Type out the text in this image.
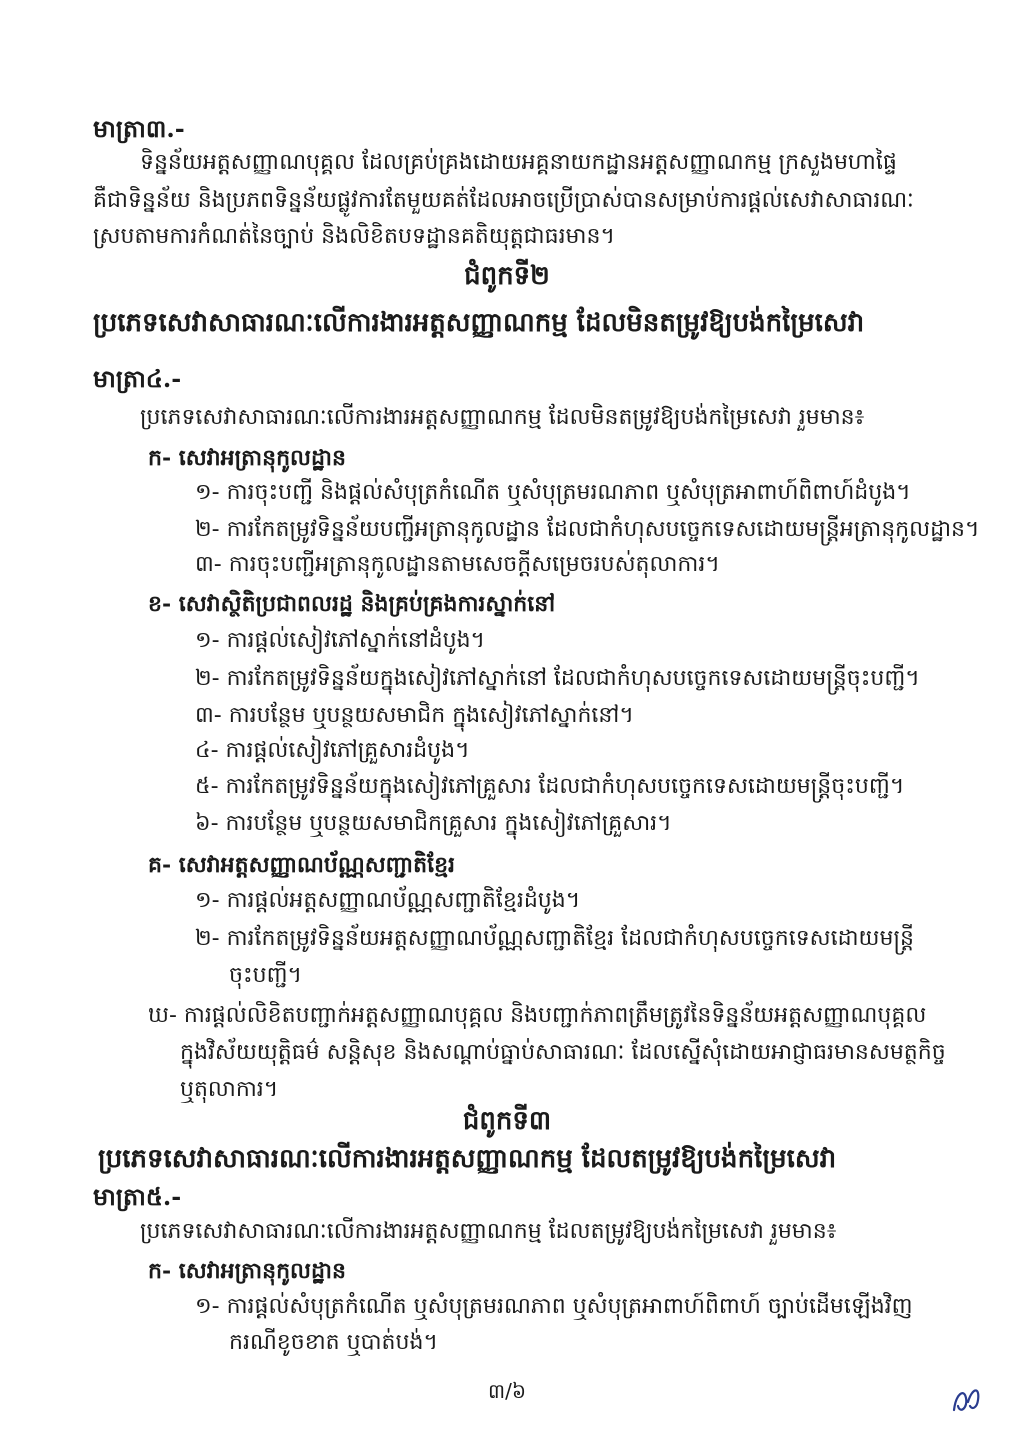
មាត្រា៣.-
ទិន្នន័យអត្តសញ្ញាណបុគ្គល ដែលគ្រប់គ្រងដោយអគ្គនាយកដ្ឋានអត្តសញ្ញាណកម្ម ក្រសួងមហាផ្ទៃ
គឺជាទិន្នន័យ និងប្រភពទិន្នន័យផ្លូវការតែមួយគត់ដែលអាចប្រើប្រាស់បានសម្រាប់ការផ្តល់សេវាសាធារណៈ
ស្របតាមការកំណត់នៃច្បាប់ និងលិខិតបទដ្ឋានគតិយុត្តជាធរមាន។
ជំពូកទី២
ប្រភេទសេវាសាធារណៈលើការងារអត្តសញ្ញាណកម្ម ដែលមិនតម្រូវឱ្យបង់កម្រៃសេវា
មាត្រា៤.-
ប្រភេទសេវាសាធារណៈលើការងារអត្តសញ្ញាណកម្ម ដែលមិនតម្រូវឱ្យបង់កម្រៃសេវា រួមមាន៖
ក- សេវាអត្រានុកូលដ្ឋាន
១- ការចុះបញ្ជី និងផ្តល់សំបុត្រកំណើត ឬសំបុត្រមរណភាព ឬសំបុត្រអាពាហ៍ពិពាហ៍ដំបូង។
២- ការកែតម្រូវទិន្នន័យបញ្ជីអត្រានុកូលដ្ឋាន ដែលជាកំហុសបច្ចេកទេសដោយមន្ត្រីអត្រានុកូលដ្ឋាន។
៣- ការចុះបញ្ជីអត្រានុកូលដ្ឋានតាមសេចក្តីសម្រេចរបស់តុលាការ។
ខ- សេវាស្ថិតិប្រជាពលរដ្ឋ និងគ្រប់គ្រងការស្នាក់នៅ
១- ការផ្តល់សៀវភៅស្នាក់នៅដំបូង។
២- ការកែតម្រូវទិន្នន័យក្នុងសៀវភៅស្នាក់នៅ ដែលជាកំហុសបច្ចេកទេសដោយមន្ត្រីចុះបញ្ជី។
៣- ការបន្ថែម ឬបន្ថយសមាជិក ក្នុងសៀវភៅស្នាក់នៅ។
៤- ការផ្តល់សៀវភៅគ្រួសារដំបូង។
៥- ការកែតម្រូវទិន្នន័យក្នុងសៀវភៅគ្រួសារ ដែលជាកំហុសបច្ចេកទេសដោយមន្ត្រីចុះបញ្ជី។
៦- ការបន្ថែម ឬបន្ថយសមាជិកគ្រួសារ ក្នុងសៀវភៅគ្រួសារ។
គ- សេវាអត្តសញ្ញាណប័ណ្ណសញ្ជាតិខ្មែរ
១- ការផ្តល់អត្តសញ្ញាណប័ណ្ណសញ្ជាតិខ្មែរដំបូង។
២- ការកែតម្រូវទិន្នន័យអត្តសញ្ញាណប័ណ្ណសញ្ជាតិខ្មែរ ដែលជាកំហុសបច្ចេកទេសដោយមន្ត្រី
ចុះបញ្ជី។
ឃ- ការផ្តល់លិខិតបញ្ជាក់អត្តសញ្ញាណបុគ្គល និងបញ្ជាក់ភាពត្រឹមត្រូវនៃទិន្នន័យអត្តសញ្ញាណបុគ្គល
ក្នុងវិស័យយុត្តិធម៌ សន្តិសុខ និងសណ្តាប់ធ្នាប់សាធារណៈ ដែលស្នើសុំដោយអាជ្ញាធរមានសមត្ថកិច្ច
ឬតុលាការ។
ជំពូកទី៣
ប្រភេទសេវាសាធារណៈលើការងារអត្តសញ្ញាណកម្ម ដែលតម្រូវឱ្យបង់កម្រៃសេវា
មាត្រា៥.-
ប្រភេទសេវាសាធារណៈលើការងារអត្តសញ្ញាណកម្ម ដែលតម្រូវឱ្យបង់កម្រៃសេវា រួមមាន៖
ក- សេវាអត្រានុកូលដ្ឋាន
១- ការផ្តល់សំបុត្រកំណើត ឬសំបុត្រមរណភាព ឬសំបុត្រអាពាហ៍ពិពាហ៍ ច្បាប់ដើមឡើងវិញ
ករណីខូចខាត ឬបាត់បង់។
៣/៦
